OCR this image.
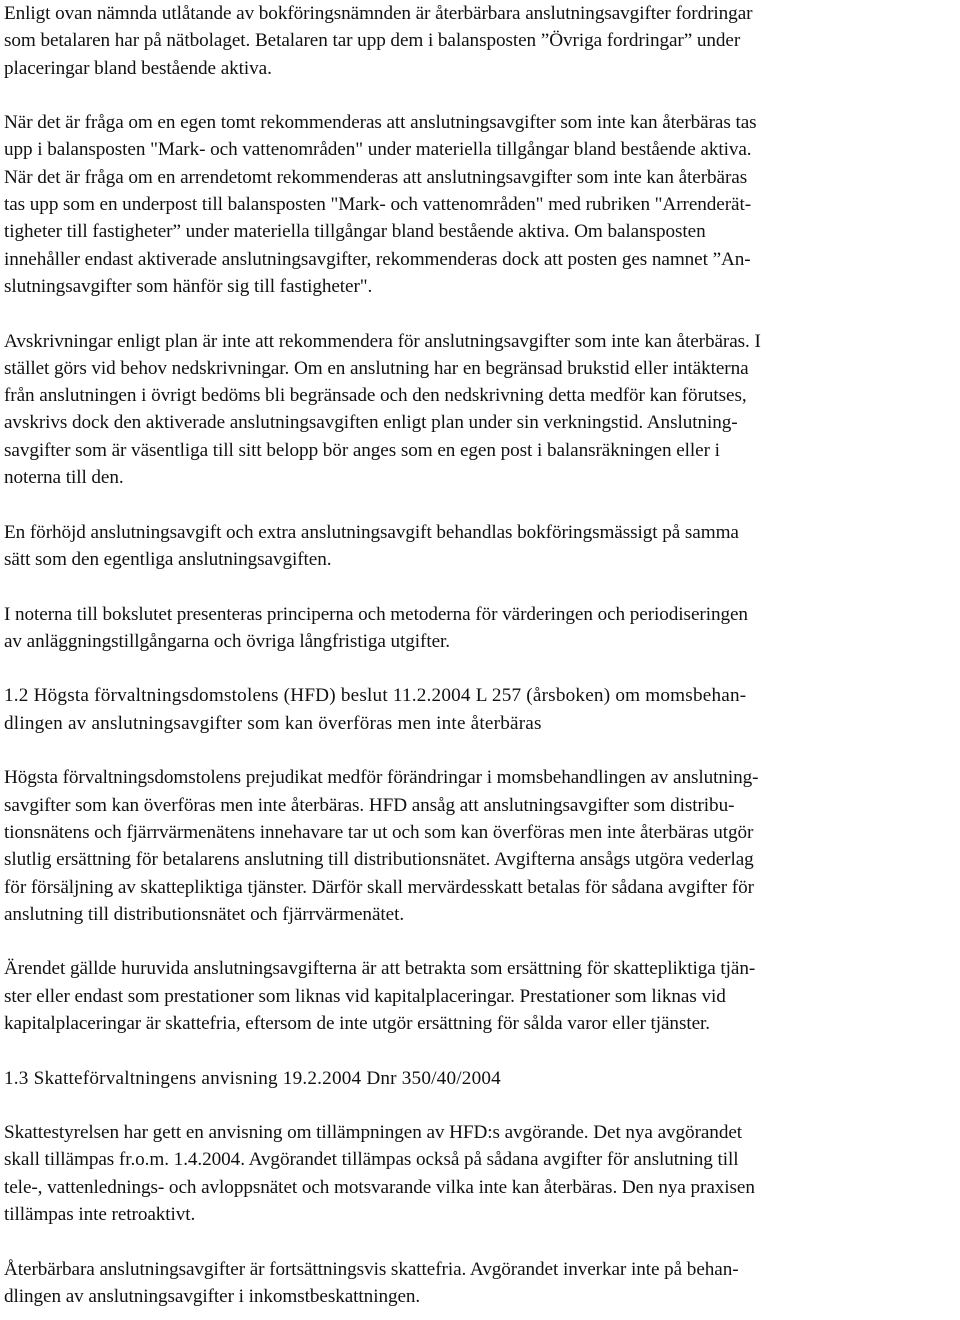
Enligt ovan nämnda utlåtande av bokföringsnämnden är återbärbara anslutningsavgifter fordringar
som betalaren har på nätbolaget. Betalaren tar upp dem i balansposten ”Övriga fordringar” under
placeringar bland bestående aktiva.

När det är fråga om en egen tomt rekommenderas att anslutningsavgifter som inte kan återbäras tas
upp i balansposten "Mark- och vattenområden" under materiella tillgångar bland bestående aktiva.
När det är fråga om en arrendetomt rekommenderas att anslutningsavgifter som inte kan återbäras
tas upp som en underpost till balansposten "Mark- och vattenområden" med rubriken "Arrenderät-
tigheter till fastigheter” under materiella tillgångar bland bestående aktiva. Om balansposten
innehåller endast aktiverade anslutningsavgifter, rekommenderas dock att posten ges namnet ”An-
slutningsavgifter som hänför sig till fastigheter".

Avskrivningar enligt plan är inte att rekommendera för anslutningsavgifter som inte kan återbäras. I
stället görs vid behov nedskrivningar. Om en anslutning har en begränsad brukstid eller intäkterna
från anslutningen i övrigt bedöms bli begränsade och den nedskrivning detta medför kan förutses,
avskrivs dock den aktiverade anslutningsavgiften enligt plan under sin verkningstid. Anslutning-
savgifter som är väsentliga till sitt belopp bör anges som en egen post i balansräkningen eller i
noterna till den.

En förhöjd anslutningsavgift och extra anslutningsavgift behandlas bokföringsmässigt på samma
sätt som den egentliga anslutningsavgiften.

I noterna till bokslutet presenteras principerna och metoderna för värderingen och periodiseringen
av anläggningstillgångarna och övriga långfristiga utgifter.

1.2 Högsta förvaltningsdomstolens (HFD) beslut 11.2.2004 L 257 (årsboken) om momsbehan-
dlingen av anslutningsavgifter som kan överföras men inte återbäras

Högsta förvaltningsdomstolens prejudikat medför förändringar i momsbehandlingen av anslutning-
savgifter som kan överföras men inte återbäras. HFD ansåg att anslutningsavgifter som distribu-
tionsnätens och fjärrvärmenätens innehavare tar ut och som kan överföras men inte återbäras utgör
slutlig ersättning för betalarens anslutning till distributionsnätet. Avgifterna ansågs utgöra vederlag
för försäljning av skattepliktiga tjänster. Därför skall mervärdesskatt betalas för sådana avgifter för
anslutning till distributionsnätet och fjärrvärmenätet.

Ärendet gällde huruvida anslutningsavgifterna är att betrakta som ersättning för skattepliktiga tjän-
ster eller endast som prestationer som liknas vid kapitalplaceringar. Prestationer som liknas vid
kapitalplaceringar är skattefria, eftersom de inte utgör ersättning för sålda varor eller tjänster.

1.3 Skatteförvaltningens anvisning 19.2.2004 Dnr 350/40/2004

Skattestyrelsen har gett en anvisning om tillämpningen av HFD:s avgörande. Det nya avgörandet
skall tillämpas fr.o.m. 1.4.2004. Avgörandet tillämpas också på sådana avgifter för anslutning till
tele-, vattenlednings- och avloppsnätet och motsvarande vilka inte kan återbäras. Den nya praxisen
tillämpas inte retroaktivt.

Återbärbara anslutningsavgifter är fortsättningsvis skattefria. Avgörandet inverkar inte på behan-
dlingen av anslutningsavgifter i inkomstbeskattningen.
